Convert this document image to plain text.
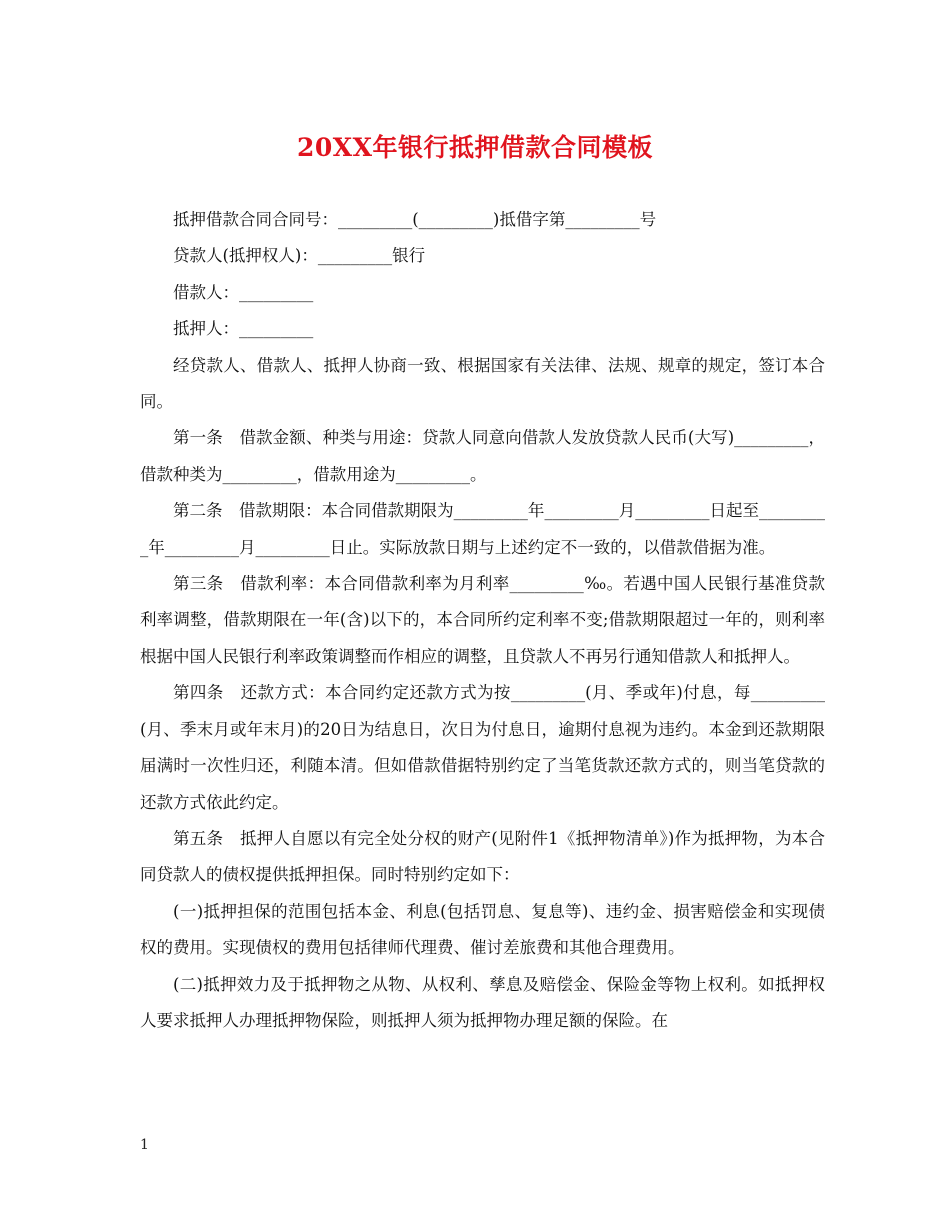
20XX年银行抵押借款合同模板

抵押借款合同合同号：_________(_________)抵借字第_________号

贷款人(抵押权人)：_________银行

借款人：_________

抵押人：_________

经贷款人、借款人、抵押人协商一致、根据国家有关法律、法规、规章的规定，签订本合同。

第一条　借款金额、种类与用途：贷款人同意向借款人发放贷款人民币(大写)_________，借款种类为_________，借款用途为_________。

第二条　借款期限：本合同借款期限为_________年_________月_________日起至_________年_________月_________日止。实际放款日期与上述约定不一致的，以借款借据为准。

第三条　借款利率：本合同借款利率为月利率_________‰。若遇中国人民银行基准贷款利率调整，借款期限在一年(含)以下的，本合同所约定利率不变;借款期限超过一年的，则利率根据中国人民银行利率政策调整而作相应的调整，且贷款人不再另行通知借款人和抵押人。

第四条　还款方式：本合同约定还款方式为按_________(月、季或年)付息，每_________(月、季末月或年末月)的20日为结息日，次日为付息日，逾期付息视为违约。本金到还款期限届满时一次性归还，利随本清。但如借款借据特别约定了当笔货款还款方式的，则当笔贷款的还款方式依此约定。

第五条　抵押人自愿以有完全处分权的财产(见附件1《抵押物清单》)作为抵押物，为本合同贷款人的债权提供抵押担保。同时特别约定如下：

(一)抵押担保的范围包括本金、利息(包括罚息、复息等)、违约金、损害赔偿金和实现债权的费用。实现债权的费用包括律师代理费、催讨差旅费和其他合理费用。

(二)抵押效力及于抵押物之从物、从权利、孳息及赔偿金、保险金等物上权利。如抵押权人要求抵押人办理抵押物保险，则抵押人须为抵押物办理足额的保险。在

1
